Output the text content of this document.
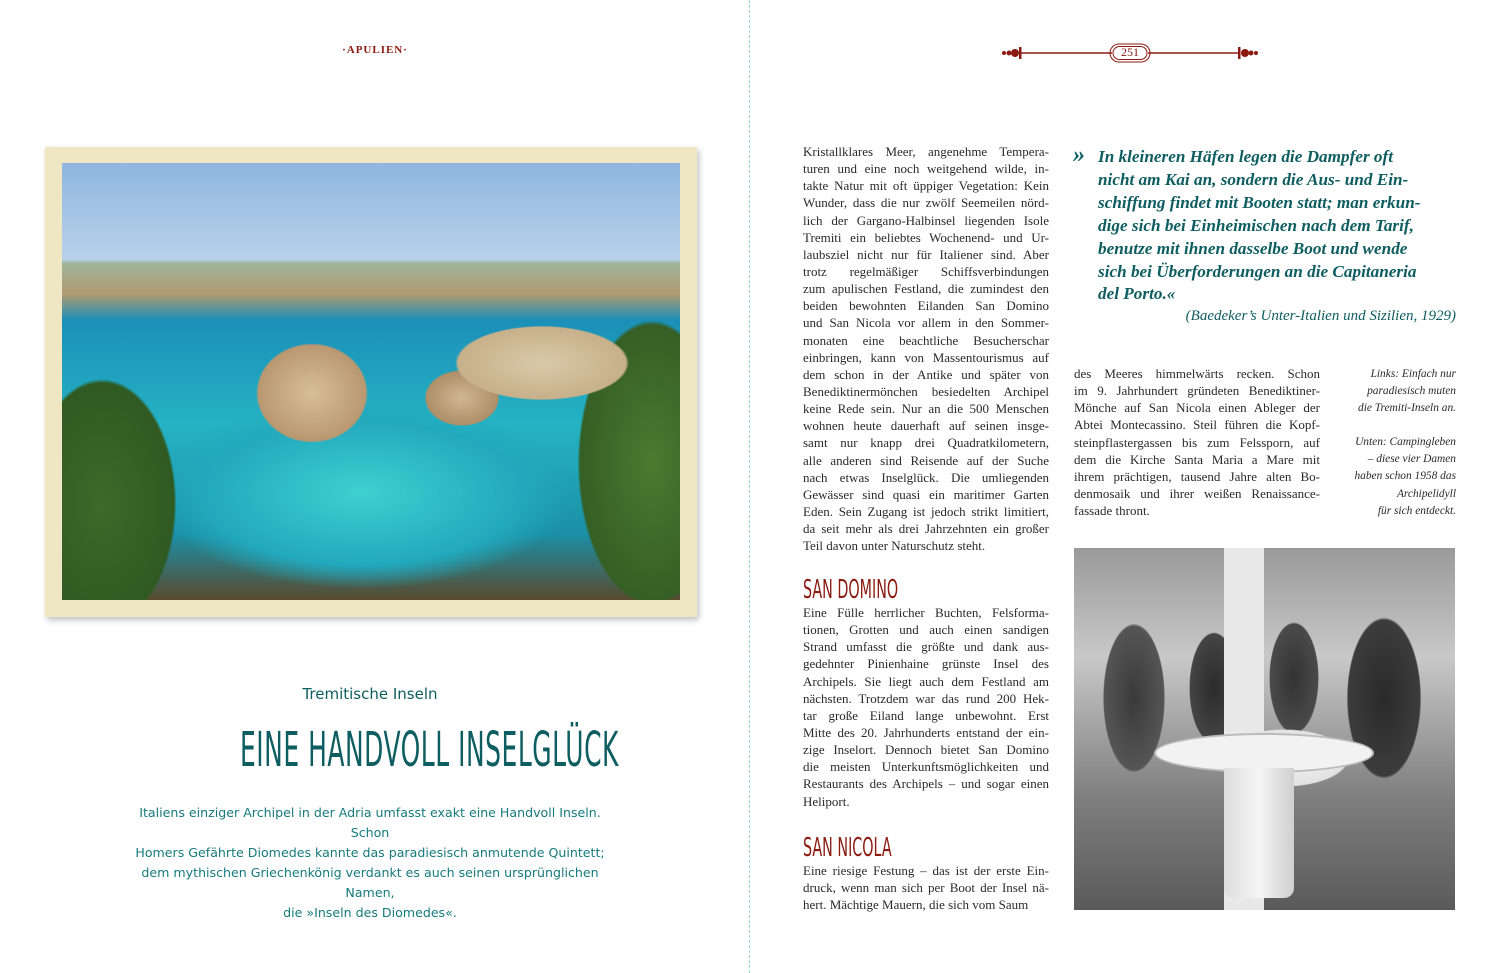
·APULIEN·
Tremitische Inseln
EINE HANDVOLL INSELGLÜCK
Italiens einziger Archipel in der Adria umfasst exakt eine Handvoll Inseln. Schon
Homers Gefährte Diomedes kannte das paradiesisch anmutende Quintett;
dem mythischen Griechenkönig verdankt es auch seinen ursprünglichen Namen,
die »Inseln des Diomedes«.
251
Kristallklares Meer, angenehme Tempera-
turen und eine noch weitgehend wilde, in-
takte Natur mit oft üppiger Vegetation: Kein
Wunder, dass die nur zwölf Seemeilen nörd-
lich der Gargano-Halbinsel liegenden Isole
Tremiti ein beliebtes Wochenend- und Ur-
laubsziel nicht nur für Italiener sind. Aber
trotz regelmäßiger Schiffsverbindungen
zum apulischen Festland, die zumindest den
beiden bewohnten Eilanden San Domino
und San Nicola vor allem in den Sommer-
monaten eine beachtliche Besucherschar
einbringen, kann von Massentourismus auf
dem schon in der Antike und später von
Benediktinermönchen besiedelten Archipel
keine Rede sein. Nur an die 500 Menschen
wohnen heute dauerhaft auf seinen insge-
samt nur knapp drei Quadratkilometern,
alle anderen sind Reisende auf der Suche
nach etwas Inselglück. Die umliegenden
Gewässer sind quasi ein maritimer Garten
Eden. Sein Zugang ist jedoch strikt limitiert,
da seit mehr als drei Jahrzehnten ein großer
Teil davon unter Naturschutz steht.
SAN DOMINO
Eine Fülle herrlicher Buchten, Felsforma-
tionen, Grotten und auch einen sandigen
Strand umfasst die größte und dank aus-
gedehnter Pinienhaine grünste Insel des
Archipels. Sie liegt auch dem Festland am
nächsten. Trotzdem war das rund 200 Hek-
tar große Eiland lange unbewohnt. Erst
Mitte des 20. Jahrhunderts entstand der ein-
zige Inselort. Dennoch bietet San Domino
die meisten Unterkunftsmöglichkeiten und
Restaurants des Archipels – und sogar einen
Heliport.
SAN NICOLA
Eine riesige Festung – das ist der erste Ein-
druck, wenn man sich per Boot der Insel nä-
hert. Mächtige Mauern, die sich vom Saum
» In kleineren Häfen legen die Dampfer oft
nicht am Kai an, sondern die Aus- und Ein-
schiffung findet mit Booten statt; man erkun-
dige sich bei Einheimischen nach dem Tarif,
benutze mit ihnen dasselbe Boot und wende
sich bei Überforderungen an die Capitaneria
del Porto.«
(Baedeker’s Unter-Italien und Sizilien, 1929)
des Meeres himmelwärts recken. Schon
im 9. Jahrhundert gründeten Benediktiner-
Mönche auf San Nicola einen Ableger der
Abtei Montecassino. Steil führen die Kopf-
steinpflastergassen bis zum Felssporn, auf
dem die Kirche Santa Maria a Mare mit
ihrem prächtigen, tausend Jahre alten Bo-
denmosaik und ihrer weißen Renaissance-
fassade thront.
Links: Einfach nur
paradiesisch muten
die Tremiti-Inseln an.
Unten: Campingleben
– diese vier Damen
haben schon 1958 das
Archipelidyll
für sich entdeckt.
